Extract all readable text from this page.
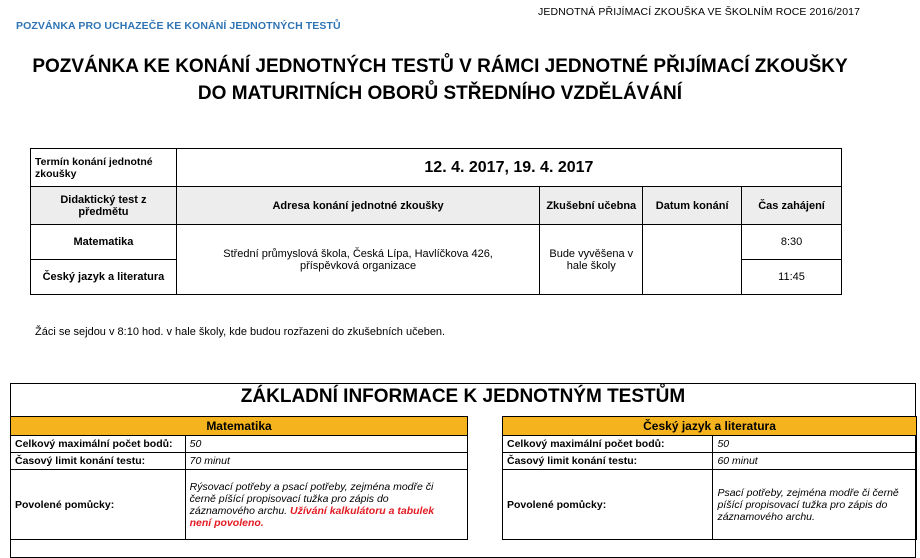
POZVÁNKA PRO UCHAZEČE KE KONÁNÍ JEDNOTNÝCH TESTŮ
JEDNOTNÁ PŘIJÍMACÍ ZKOUŠKA VE ŠKOLNÍM ROCE 2016/2017
POZVÁNKA KE KONÁNÍ JEDNOTNÝCH TESTŮ V RÁMCI JEDNOTNÉ PŘIJÍMACÍ ZKOUŠKY
DO MATURITNÍCH OBORŮ STŘEDNÍHO VZDĚLÁVÁNÍ
Termín konání jednotné zkoušky	12. 4. 2017, 19. 4. 2017			
Didaktický test z předmětu	Adresa konání jednotné zkoušky	Zkušební učebna	Datum konání	Čas zahájení
Matematika	Střední průmyslová škola, Česká Lípa, Havlíčkova 426, příspěvková organizace	Bude vyvěšena v hale školy		8:30
Český jazyk a literatura				11:45
Žáci se sejdou v 8:10 hod. v hale školy, kde budou rozřazeni do zkušebních učeben.
ZÁKLADNÍ INFORMACE K JEDNOTNÝM TESTŮM
Matematika	
Celkový maximální počet bodů:	50
Časový limit konání testu:	70 minut
Povolené pomůcky:	Rýsovací potřeby a psací potřeby, zejména modře či černě píšící propisovací tužka pro zápis do záznamového archu. Užívání kalkulátoru a tabulek není povoleno.
Český jazyk a literatura	
Celkový maximální počet bodů:	50
Časový limit konání testu:	60 minut
Povolené pomůcky:	Psací potřeby, zejména modře či černě píšící propisovací tužka pro zápis do záznamového archu.
